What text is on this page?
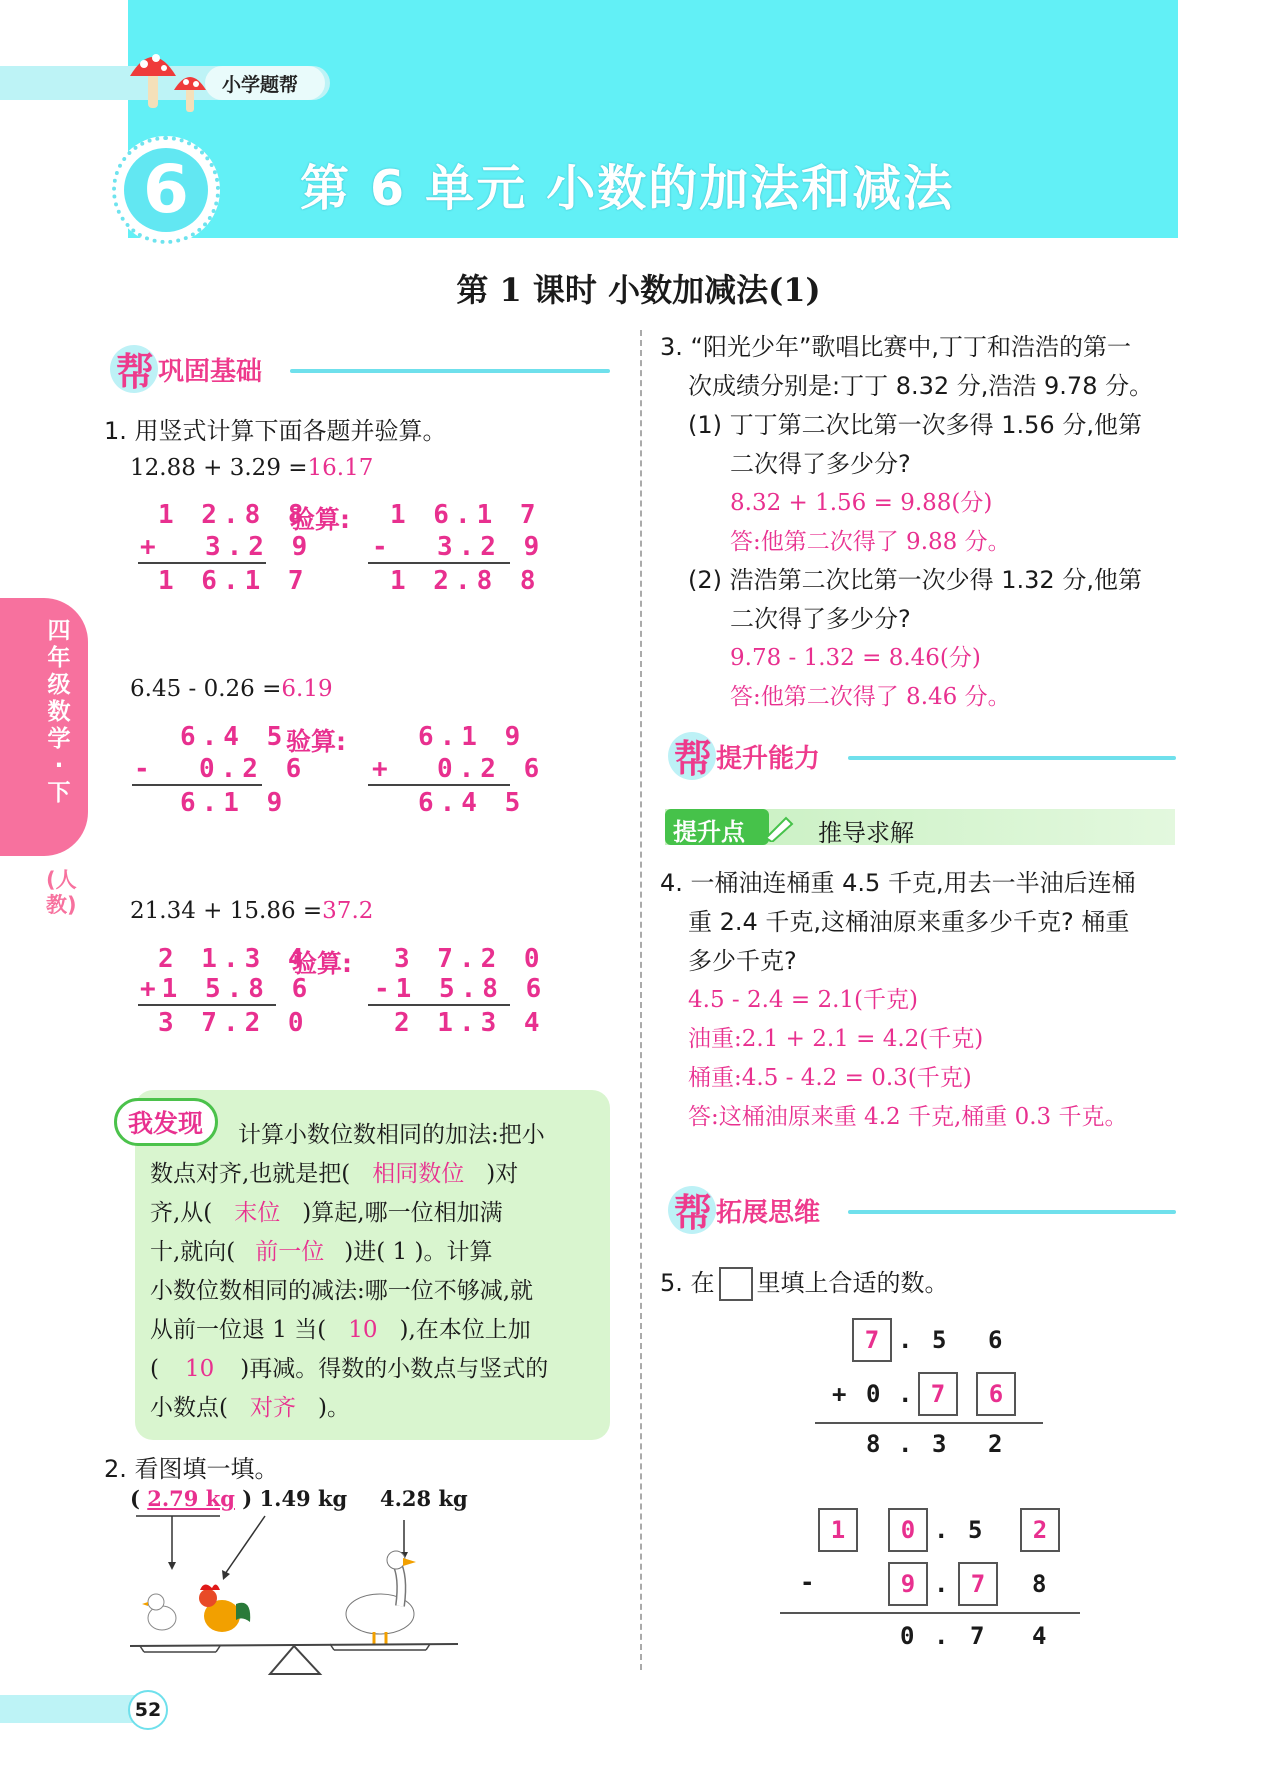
小学题帮
6	第 6 单元 小数的加法和减法
第 1 课时 小数加减法(1)
四年级数学·下
(人教)
帮 巩固基础
1. 用竖式计算下面各题并验算。
12.88 + 3.29 =16.17
1 2.8 8
+  3.2 9
1 6.1 7
验算: 1 6.1 7
-  3.2 9
1 2.8 8
6.45 - 0.26 =6.19
6.4 5
-  0.2 6
6.1 9
验算:	6.1 9
+  0.2 6
6.4 5
21.34 + 15.86 =37.2
2 1.3 4
+1 5.8 6
3 7.2 0
验算: 3 7.2 0
-1 5.8 6
2 1.3 4
我发现 计算小数位数相同的加法:把小
数点对齐,也就是把( 相同数位 )对
齐,从( 末位 )算起,哪一位相加满
十,就向( 前一位 )进( 1 )。计算
小数位数相同的减法:哪一位不够减,就
从前一位退 1 当( 10 ),在本位上加
( 10 )再减。得数的小数点与竖式的
小数点( 对齐 )。
2. 看图填一填。
( 2.79 kg ) 1.49 kg 4.28 kg
3. “阳光少年”歌唱比赛中,丁丁和浩浩的第一
次成绩分别是:丁丁 8.32 分,浩浩 9.78 分。
(1) 丁丁第二次比第一次多得 1.56 分,他第
二次得了多少分?
8.32 + 1.56 = 9.88(分)
答:他第二次得了 9.88 分。
(2) 浩浩第二次比第一次少得 1.32 分,他第
二次得了多少分?
9.78 - 1.32 = 8.46(分)
答:他第二次得了 8.46 分。
帮 提升能力
提升点	推导求解
4. 一桶油连桶重 4.5 千克,用去一半油后连桶
重 2.4 千克,这桶油原来重多少千克? 桶重
多少千克?
4.5 - 2.4 = 2.1(千克)
油重:2.1 + 2.1 = 4.2(千克)
桶重:4.5 - 4.2 = 0.3(千克)
答:这桶油原来重 4.2 千克,桶重 0.3 千克。
帮 拓展思维
5. 在 里填上合适的数。
7 . 5 6
+ 0 . 7	6
8 . 3 2
1	0 . 5	2
-	9 . 7	8
0 . 7 4
52
